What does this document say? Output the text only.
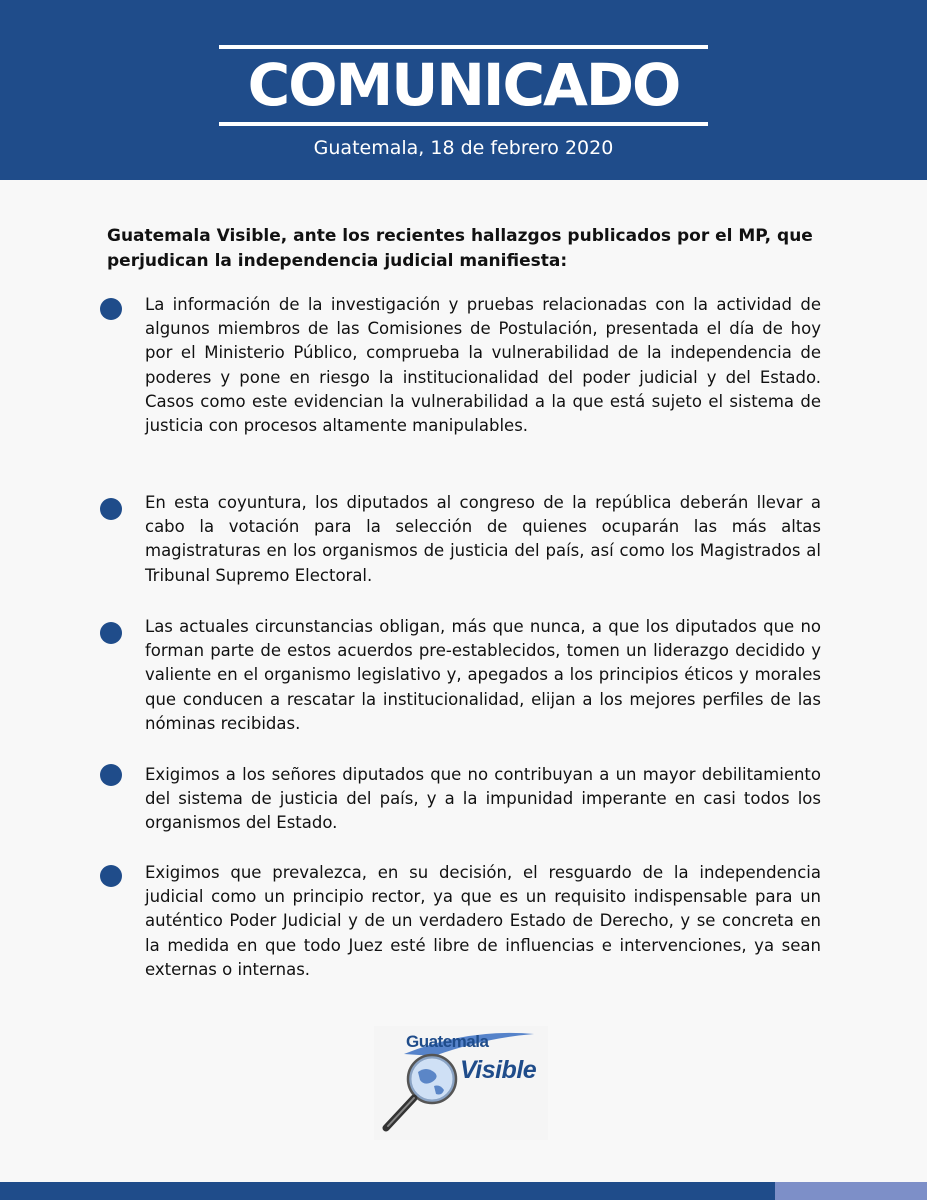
COMUNICADO
Guatemala, 18 de febrero 2020
Guatemala Visible, ante los recientes hallazgos publicados por el MP, que perjudican la independencia judicial manifiesta:
La información de la investigación y pruebas relacionadas con la actividad de algunos miembros de las Comisiones de Postulación, presentada el día de hoy por el Ministerio Público, comprueba la vulnerabilidad de la independencia de poderes y pone en riesgo la institucionalidad del poder judicial y del Estado. Casos como este evidencian la vulnerabilidad a la que está sujeto el sistema de justicia con procesos altamente manipulables.
En esta coyuntura, los diputados al congreso de la república deberán llevar a cabo la votación para la selección de quienes ocuparán las más altas magistraturas en los organismos de justicia del país, así como los Magistrados al Tribunal Supremo Electoral.
Las actuales circunstancias obligan, más que nunca, a que los diputados que no forman parte de estos acuerdos pre-establecidos, tomen un liderazgo decidido y valiente en el organismo legislativo y, apegados a los principios éticos y morales que conducen a rescatar la institucionalidad, elijan a los mejores perfiles de las nóminas recibidas.
Exigimos a los señores diputados que no contribuyan a un mayor debilitamiento del sistema de justicia del país, y a la impunidad imperante en casi todos los organismos del Estado.
Exigimos que prevalezca, en su decisión, el resguardo de la independencia judicial como un principio rector, ya que es un requisito indispensable para un auténtico Poder Judicial y de un verdadero Estado de Derecho, y se concreta en la medida en que todo Juez esté libre de influencias e intervenciones, ya sean externas o internas.
Guatemala
Visible
